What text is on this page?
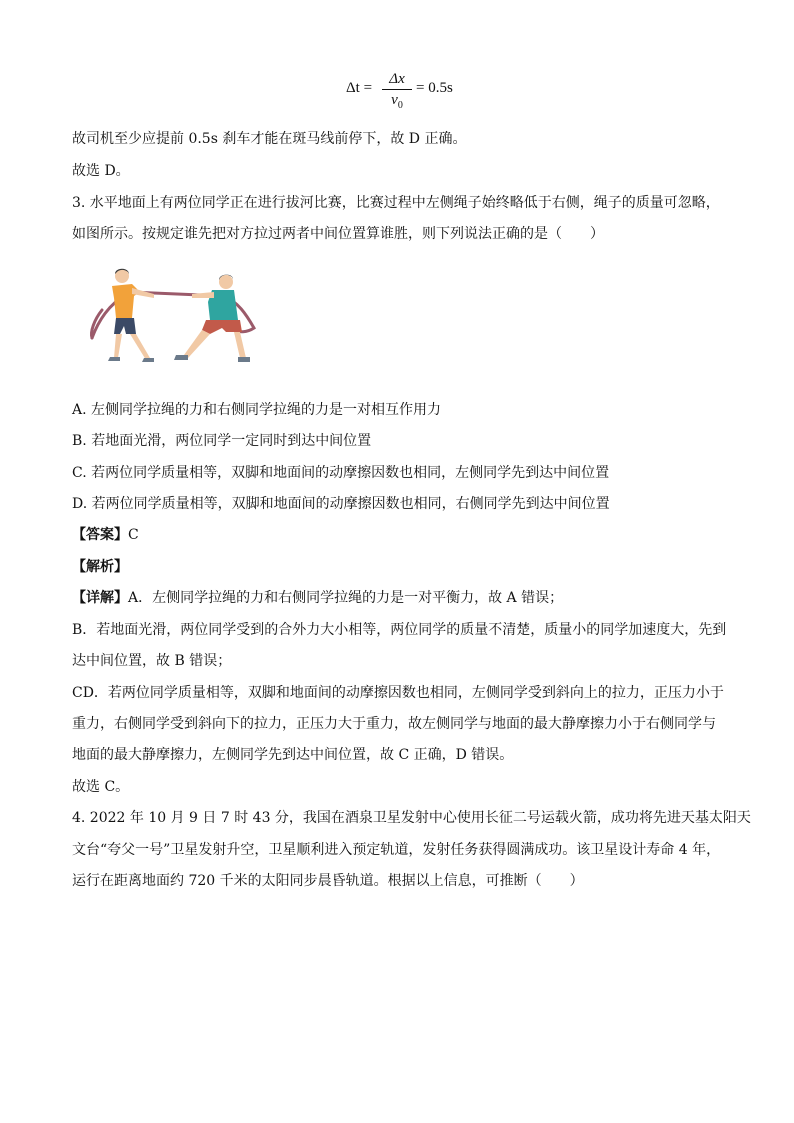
Δt =
Δx
$v_0$
= 0.5s
故司机至少应提前 0.5s 刹车才能在斑马线前停下，故 D 正确。
故选 D。
3. 水平地面上有两位同学正在进行拔河比赛，比赛过程中左侧绳子始终略低于右侧，绳子的质量可忽略，
如图所示。按规定谁先把对方拉过两者中间位置算谁胜，则下列说法正确的是（　　）
A. 左侧同学拉绳的力和右侧同学拉绳的力是一对相互作用力
B. 若地面光滑，两位同学一定同时到达中间位置
C. 若两位同学质量相等，双脚和地面间的动摩擦因数也相同，左侧同学先到达中间位置
D. 若两位同学质量相等，双脚和地面间的动摩擦因数也相同，右侧同学先到达中间位置
【答案】C
【解析】
【详解】A．左侧同学拉绳的力和右侧同学拉绳的力是一对平衡力，故 A 错误；
B．若地面光滑，两位同学受到的合外力大小相等，两位同学的质量不清楚，质量小的同学加速度大，先到
达中间位置，故 B 错误；
CD．若两位同学质量相等，双脚和地面间的动摩擦因数也相同，左侧同学受到斜向上的拉力，正压力小于
重力，右侧同学受到斜向下的拉力，正压力大于重力，故左侧同学与地面的最大静摩擦力小于右侧同学与
地面的最大静摩擦力，左侧同学先到达中间位置，故 C 正确，D 错误。
故选 C。
4. 2022 年 10 月 9 日 7 时 43 分，我国在酒泉卫星发射中心使用长征二号运载火箭，成功将先进天基太阳天
文台“夸父一号”卫星发射升空，卫星顺利进入预定轨道，发射任务获得圆满成功。该卫星设计寿命 4 年，
运行在距离地面约 720 千米的太阳同步晨昏轨道。根据以上信息，可推断（　　）
